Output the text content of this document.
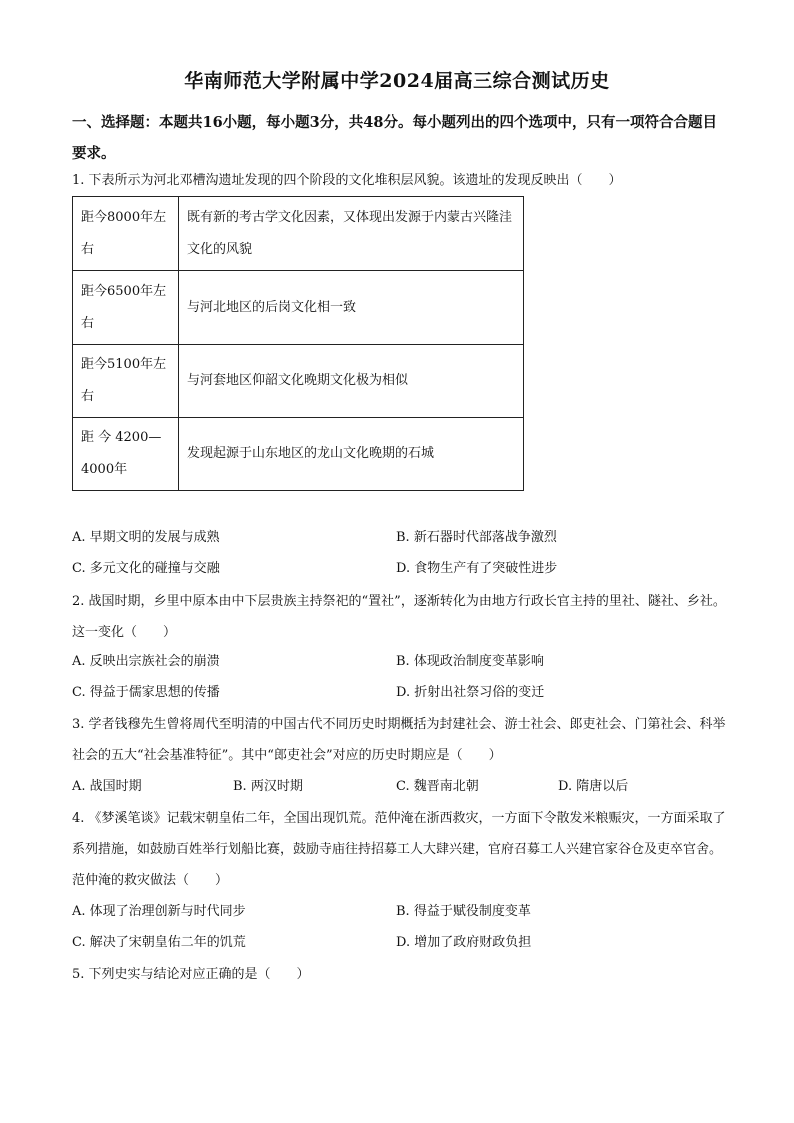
华南师范大学附属中学2024届高三综合测试历史
一、选择题：本题共16小题，每小题3分，共48分。每小题列出的四个选项中，只有一项符合合题目要求。
1. 下表所示为河北邓槽沟遗址发现的四个阶段的文化堆积层风貌。该遗址的发现反映出（　　）
距今8000年左右	既有新的考古学文化因素，又体现出发源于内蒙古兴隆洼文化的风貌
距今6500年左右	与河北地区的后岗文化相一致
距今5100年左右	与河套地区仰韶文化晚期文化极为相似
距 今 4200—4000年	发现起源于山东地区的龙山文化晚期的石城
A. 早期文明的发展与成熟	B. 新石器时代部落战争激烈
C. 多元文化的碰撞与交融	D. 食物生产有了突破性进步
2. 战国时期，乡里中原本由中下层贵族主持祭祀的“置社”，逐渐转化为由地方行政长官主持的里社、隧社、乡社。这一变化（　　）
A. 反映出宗族社会的崩溃	B. 体现政治制度变革影响
C. 得益于儒家思想的传播	D. 折射出社祭习俗的变迁
3. 学者钱穆先生曾将周代至明清的中国古代不同历史时期概括为封建社会、游士社会、郎吏社会、门第社会、科举社会的五大“社会基准特征”。其中“郎吏社会”对应的历史时期应是（　　）
A. 战国时期	B. 两汉时期	C. 魏晋南北朝	D. 隋唐以后
4. 《梦溪笔谈》记载宋朝皇佑二年，全国出现饥荒。范仲淹在浙西救灾，一方面下令散发米粮赈灾，一方面采取了系列措施，如鼓励百姓举行划船比赛，鼓励寺庙往持招募工人大肆兴建，官府召募工人兴建官家谷仓及吏卒官舍。范仲淹的救灾做法（　　）
A. 体现了治理创新与时代同步	B. 得益于赋役制度变革
C. 解决了宋朝皇佑二年的饥荒	D. 增加了政府财政负担
5. 下列史实与结论对应正确的是（　　）
